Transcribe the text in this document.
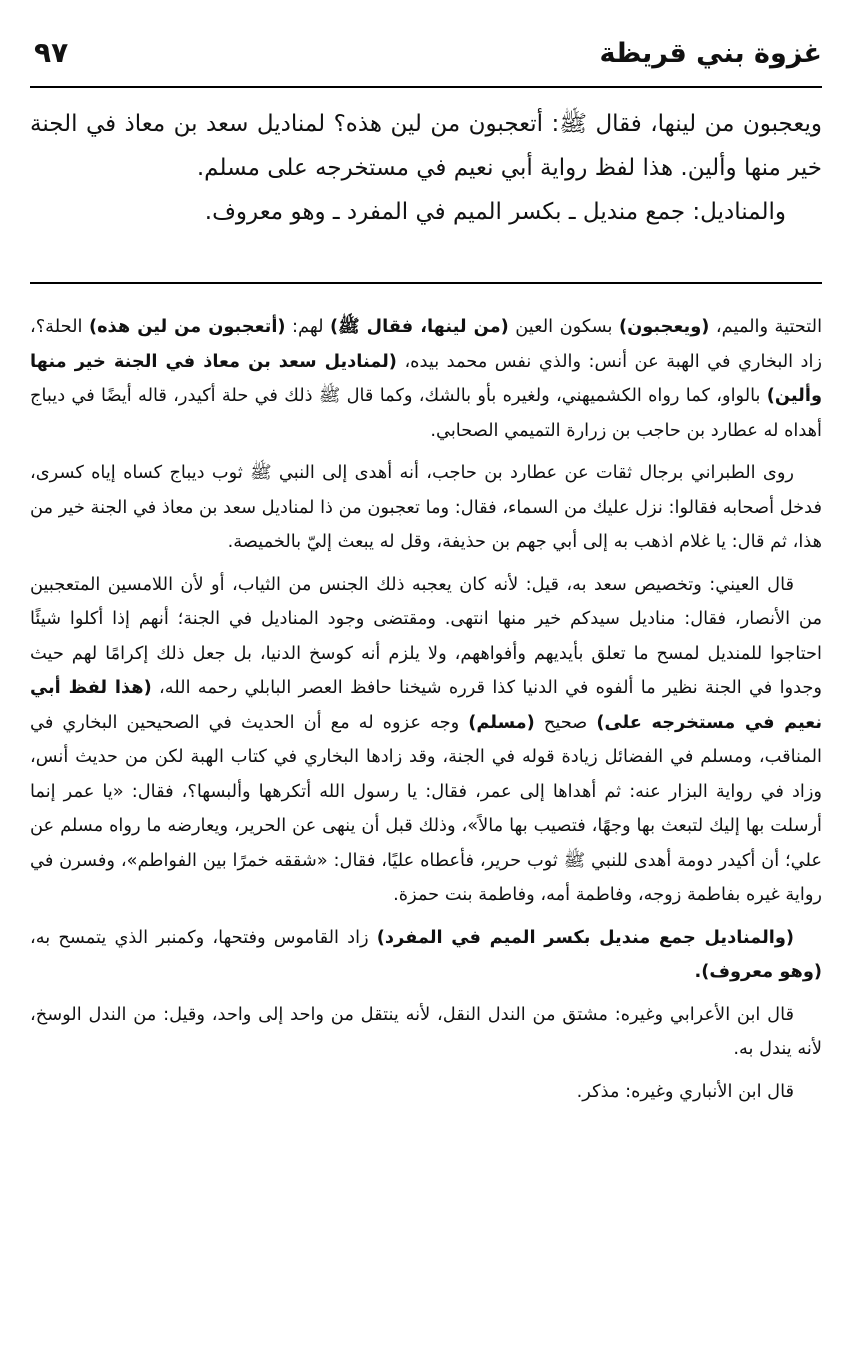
غزوة بني قريظة
٩٧

ويعجبون من لينها، فقال ﷺ: أتعجبون من لين هذه؟ لمناديل سعد بن معاذ في الجنة خير منها وألين. هذا لفظ رواية أبي نعيم في مستخرجه على مسلم.

والمناديل: جمع منديل ـ بكسر الميم في المفرد ـ وهو معروف.

التحتية والميم، (ويعجبون) بسكون العين (من لينها، فقال ﷺ) لهم: (أتعجبون من لين هذه) الحلة؟، زاد البخاري في الهبة عن أنس: والذي نفس محمد بيده، (لمناديل سعد بن معاذ في الجنة خير منها وألين) بالواو، كما رواه الكشميهني، ولغيره بأو بالشك، وكما قال ﷺ ذلك في حلة أكيدر، قاله أيضًا في ديباج أهداه له عطارد بن حاجب بن زرارة التميمي الصحابي.

روى الطبراني برجال ثقات عن عطارد بن حاجب، أنه أهدى إلى النبي ﷺ ثوب ديباج كساه إياه كسرى، فدخل أصحابه فقالوا: نزل عليك من السماء، فقال: وما تعجبون من ذا لمناديل سعد بن معاذ في الجنة خير من هذا، ثم قال: يا غلام اذهب به إلى أبي جهم بن حذيفة، وقل له يبعث إليّ بالخميصة.

قال العيني: وتخصيص سعد به، قيل: لأنه كان يعجبه ذلك الجنس من الثياب، أو لأن اللامسين المتعجبين من الأنصار، فقال: مناديل سيدكم خير منها انتهى. ومقتضى وجود المناديل في الجنة؛ أنهم إذا أكلوا شيئًا احتاجوا للمنديل لمسح ما تعلق بأيديهم وأفواههم، ولا يلزم أنه كوسخ الدنيا، بل جعل ذلك إكرامًا لهم حيث وجدوا في الجنة نظير ما ألفوه في الدنيا كذا قرره شيخنا حافظ العصر البابلي رحمه الله، (هذا لفظ أبي نعيم في مستخرجه على) صحيح (مسلم) وجه عزوه له مع أن الحديث في الصحيحين البخاري في المناقب، ومسلم في الفضائل زيادة قوله في الجنة، وقد زادها البخاري في كتاب الهبة لكن من حديث أنس، وزاد في رواية البزار عنه: ثم أهداها إلى عمر، فقال: يا رسول الله أتكرهها وألبسها؟، فقال: «يا عمر إنما أرسلت بها إليك لتبعث بها وجهًا، فتصيب بها مالاً»، وذلك قبل أن ينهى عن الحرير، ويعارضه ما رواه مسلم عن علي؛ أن أكيدر دومة أهدى للنبي ﷺ ثوب حرير، فأعطاه عليًا، فقال: «شققه خمرًا بين الفواطم»، وفسرن في رواية غيره بفاطمة زوجه، وفاطمة أمه، وفاطمة بنت حمزة.

(والمناديل جمع منديل بكسر الميم في المفرد) زاد القاموس وفتحها، وكمنبر الذي يتمسح به، (وهو معروف).

قال ابن الأعرابي وغيره: مشتق من الندل النقل، لأنه ينتقل من واحد إلى واحد، وقيل: من الندل الوسخ، لأنه يندل به.

قال ابن الأنباري وغيره: مذكر.
